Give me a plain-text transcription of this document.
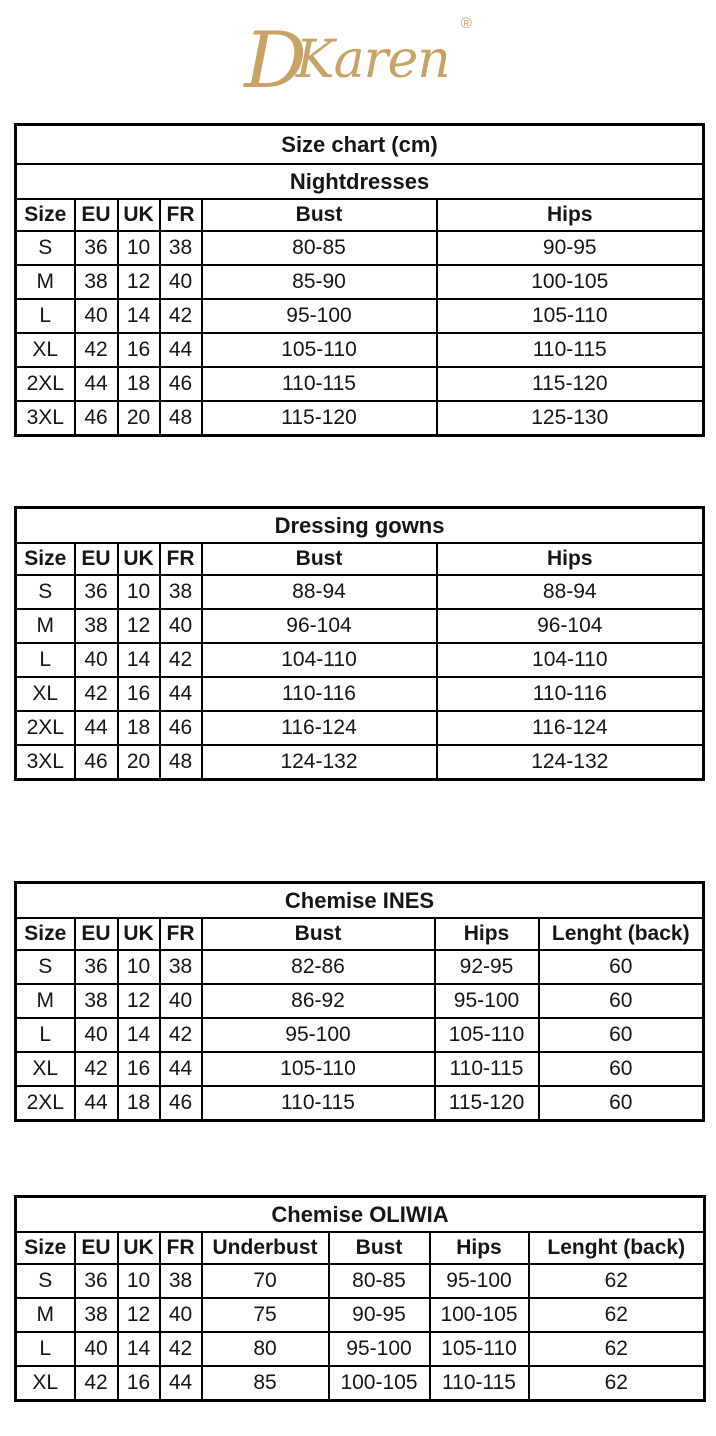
DKaren
®
Size chart (cm)					
Nightdresses					
Size	EU	UK	FR	Bust	Hips
S	36	10	38	80-85	90-95
M	38	12	40	85-90	100-105
L	40	14	42	95-100	105-110
XL	42	16	44	105-110	110-115
2XL	44	18	46	110-115	115-120
3XL	46	20	48	115-120	125-130
Dressing gowns					
Size	EU	UK	FR	Bust	Hips
S	36	10	38	88-94	88-94
M	38	12	40	96-104	96-104
L	40	14	42	104-110	104-110
XL	42	16	44	110-116	110-116
2XL	44	18	46	116-124	116-124
3XL	46	20	48	124-132	124-132
Chemise INES						
Size	EU	UK	FR	Bust	Hips	Lenght (back)
S	36	10	38	82-86	92-95	60
M	38	12	40	86-92	95-100	60
L	40	14	42	95-100	105-110	60
XL	42	16	44	105-110	110-115	60
2XL	44	18	46	110-115	115-120	60
Chemise OLIWIA							
Size	EU	UK	FR	Underbust	Bust	Hips	Lenght (back)
S	36	10	38	70	80-85	95-100	62
M	38	12	40	75	90-95	100-105	62
L	40	14	42	80	95-100	105-110	62
XL	42	16	44	85	100-105	110-115	62
